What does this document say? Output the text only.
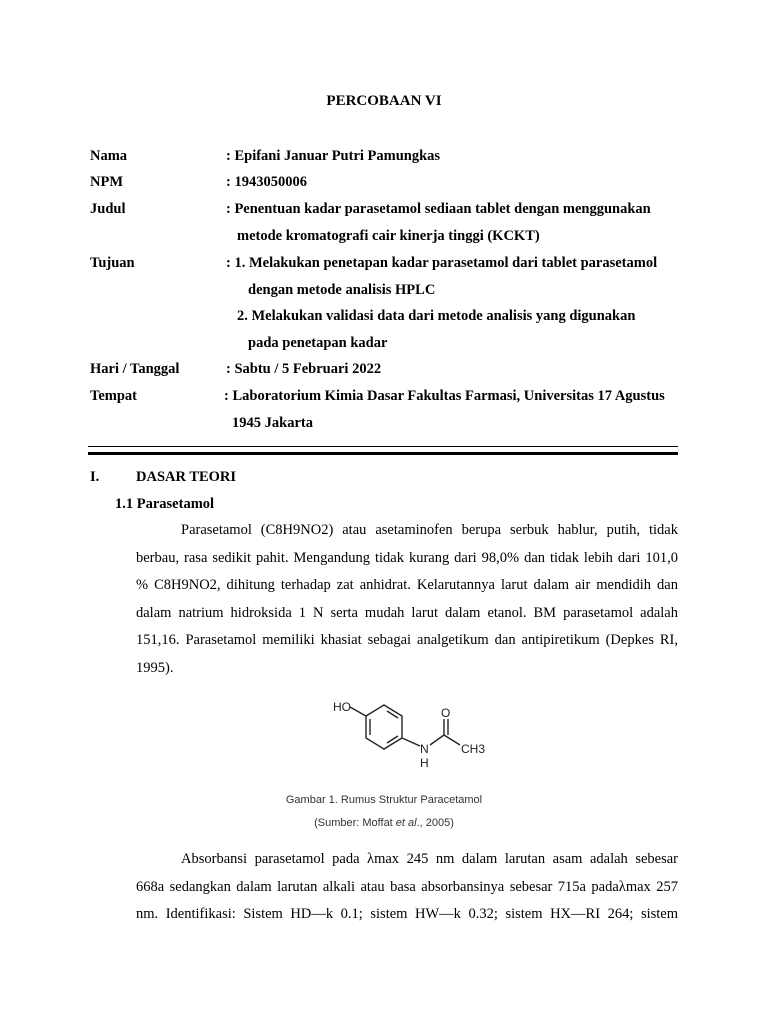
PERCOBAAN VI
Nama	: Epifani Januar Putri Pamungkas
NPM	: 1943050006
Judul	: Penentuan kadar parasetamol sediaan tablet dengan menggunakan
metode kromatografi cair kinerja tinggi (KCKT)
Tujuan	: 1. Melakukan penetapan kadar parasetamol dari tablet parasetamol
dengan metode analisis HPLC
2. Melakukan validasi data dari metode analisis yang digunakan
pada penetapan kadar
Hari / Tanggal	: Sabtu / 5 Februari 2022
Tempat	: Laboratorium Kimia Dasar Fakultas Farmasi, Universitas 17 Agustus
1945 Jakarta
I.	DASAR TEORI
1.1 Parasetamol
Parasetamol (C8H9NO2) atau asetaminofen berupa serbuk hablur, putih, tidak
berbau, rasa sedikit pahit. Mengandung tidak kurang dari 98,0% dan tidak lebih dari 101,0
% C8H9NO2, dihitung terhadap zat anhidrat. Kelarutannya larut dalam air mendidih dan
dalam natrium hidroksida 1 N serta mudah larut dalam etanol. BM parasetamol adalah
151,16. Parasetamol memiliki khasiat sebagai analgetikum dan antipiretikum (Depkes RI,
1995).
HO	O
N
H
CH3
Gambar 1. Rumus Struktur Paracetamol
(Sumber: Moffat et al., 2005)
Absorbansi parasetamol pada λmax 245 nm dalam larutan asam adalah sebesar
668a sedangkan dalam larutan alkali atau basa absorbansinya sebesar 715a padaλmax 257
nm. Identifikasi: Sistem HD—k 0.1; sistem HW—k 0.32; sistem HX—RI 264; sistem
